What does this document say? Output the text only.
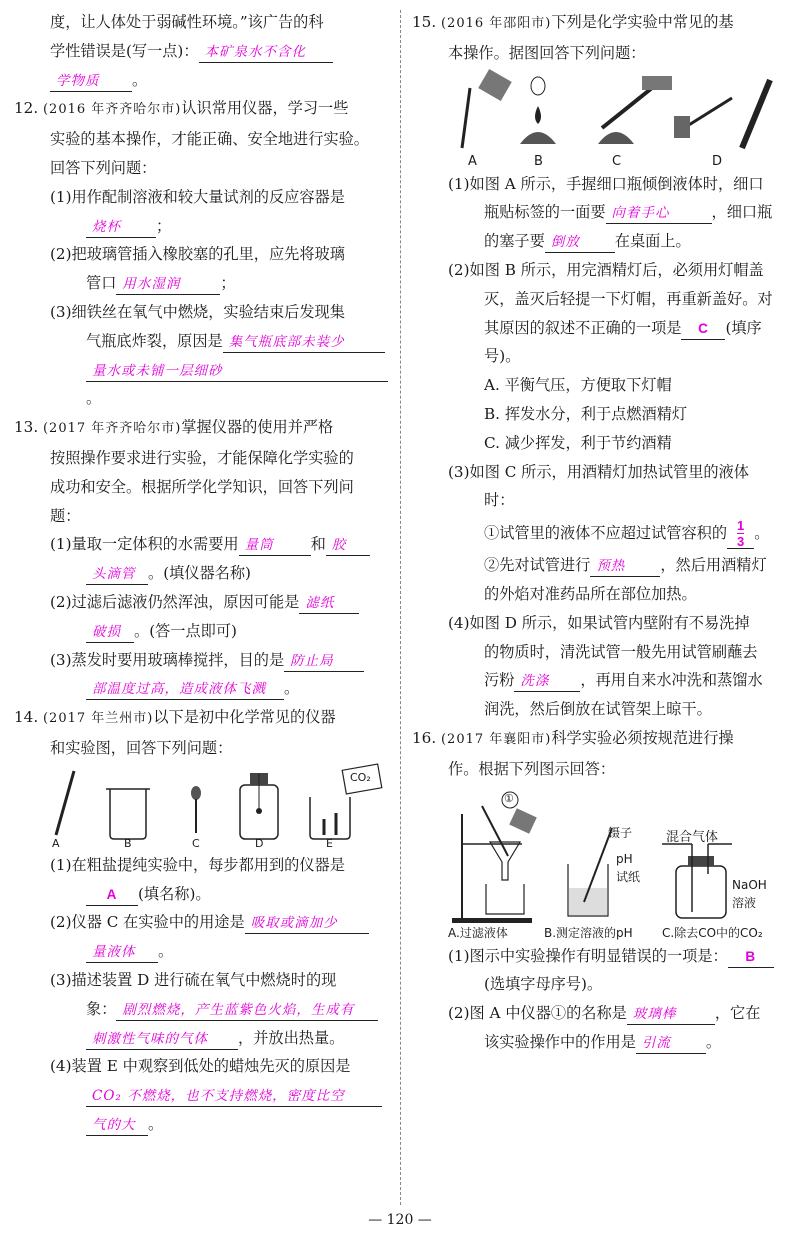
度，让人体处于弱碱性环境。”该广告的科

学性错误是(写一点)： 本矿泉水不含化

学物质 。

12. (2016 年齐齐哈尔市)认识常用仪器，学习一些

实验的基本操作，才能正确、安全地进行实验。

回答下列问题：

(1)用作配制溶液和较大量试剂的反应容器是

烧杯 ；

(2)把玻璃管插入橡胶塞的孔里，应先将玻璃

管口 用水湿润	；

(3)细铁丝在氧气中燃烧，实验结束后发现集

气瓶底炸裂，原因是 集气瓶底部未装少

量水或未铺一层细砂。

13. (2017 年齐齐哈尔市)掌握仪器的使用并严格

按照操作要求进行实验，才能保障化学实验的

成功和安全。根据所学化学知识，回答下列问

题：

(1)量取一定体积的水需要用 量筒 和 胶

头滴管 。(填仪器名称)

(2)过滤后滤液仍然浑浊，原因可能是 滤纸

破损 。(答一点即可)

(3)蒸发时要用玻璃棒搅拌，目的是 防止局

部温度过高，造成液体飞溅 。

14. (2017 年兰州市)以下是初中化学常见的仪器

和实验图，回答下列问题：

CO₂
A	B	C	D	E

(1)在粗盐提纯实验中，每步都用到的仪器是

A (填名称)。

(2)仪器 C 在实验中的用途是 吸取或滴加少

量液体 。

(3)描述装置 D 进行硫在氧气中燃烧时的现

象： 剧烈燃烧，产生蓝紫色火焰，生成有

刺激性气味的气体 ，并放出热量。

(4)装置 E 中观察到低处的蜡烛先灭的原因是

CO₂ 不燃烧，也不支持燃烧，密度比空

气的大 。

15. (2016 年邵阳市)下列是化学实验中常见的基

本操作。据图回答下列问题：

A	B	C	D

(1)如图 A 所示，手握细口瓶倾倒液体时，细口

瓶贴标签的一面要 向着手心	，细口瓶

的塞子要 倒放 在桌面上。

(2)如图 B 所示，用完酒精灯后，必须用灯帽盖

灭，盖灭后轻提一下灯帽，再重新盖好。对

其原因的叙述不正确的一项是 C (填序

号)。

A. 平衡气压，方便取下灯帽

B. 挥发水分，利于点燃酒精灯

C. 减少挥发，利于节约酒精

(3)如图 C 所示，用酒精灯加热试管里的液体

时：

①试管里的液体不应超过试管容积的 $\frac{1}{3}$ 。

②先对试管进行 预热 ，然后用酒精灯

的外焰对准药品所在部位加热。

(4)如图 D 所示，如果试管内壁附有不易洗掉

的物质时，清洗试管一般先用试管刷蘸去

污粉 洗涤 ，再用自来水冲洗和蒸馏水

润洗，然后倒放在试管架上晾干。

16. (2017 年襄阳市)科学实验必须按规范进行操

作。根据下列图示回答：

①
镊子
pH
试纸
混合气体
NaOH
溶液
A.过滤液体	B.测定溶液的pH C.除去CO中的CO₂

(1)图示中实验操作有明显错误的一项是： B

(选填字母序号)。

(2)图 A 中仪器①的名称是 玻璃棒	，它在

该实验操作中的作用是 引流 。

— 120 —
